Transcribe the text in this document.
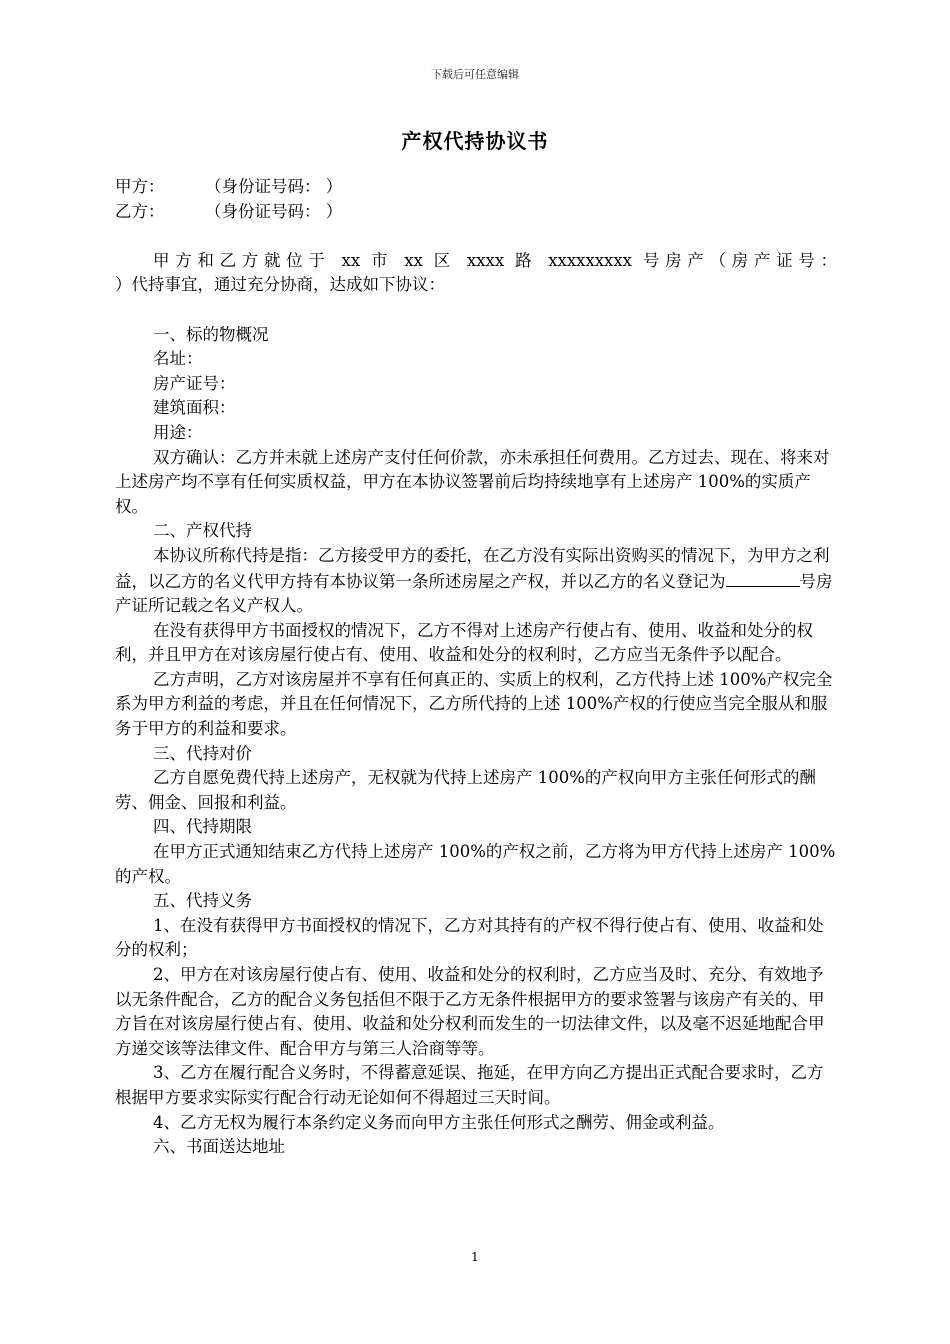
下载后可任意编辑
产权代持协议书
甲方：	（身份证号码： ）
乙方：	（身份证号码： ）

甲方和乙方就位于 xx 市 xx 区 xxxx 路 xxxxxxxxx 号房产（房产证号：

）代持事宜，通过充分协商，达成如下协议：

一、标的物概况

名址：

房产证号：

建筑面积：

用途：

双方确认：乙方并未就上述房产支付任何价款，亦未承担任何费用。乙方过去、现在、将来对上述房产均不享有任何实质权益，甲方在本协议签署前后均持续地享有上述房产 100%的实质产权。

二、产权代持

本协议所称代持是指：乙方接受甲方的委托，在乙方没有实际出资购买的情况下，为甲方之利益，以乙方的名义代甲方持有本协议第一条所述房屋之产权，并以乙方的名义登记为	号房产证所记载之名义产权人。

在没有获得甲方书面授权的情况下，乙方不得对上述房产行使占有、使用、收益和处分的权利，并且甲方在对该房屋行使占有、使用、收益和处分的权利时，乙方应当无条件予以配合。

乙方声明，乙方对该房屋并不享有任何真正的、实质上的权利，乙方代持上述 100%产权完全系为甲方利益的考虑，并且在任何情况下，乙方所代持的上述 100%产权的行使应当完全服从和服务于甲方的利益和要求。

三、代持对价

乙方自愿免费代持上述房产，无权就为代持上述房产 100%的产权向甲方主张任何形式的酬劳、佣金、回报和利益。

四、代持期限

在甲方正式通知结束乙方代持上述房产 100%的产权之前，乙方将为甲方代持上述房产 100%的产权。

五、代持义务

1、在没有获得甲方书面授权的情况下，乙方对其持有的产权不得行使占有、使用、收益和处分的权利；

2、甲方在对该房屋行使占有、使用、收益和处分的权利时，乙方应当及时、充分、有效地予以无条件配合，乙方的配合义务包括但不限于乙方无条件根据甲方的要求签署与该房产有关的、甲方旨在对该房屋行使占有、使用、收益和处分权利而发生的一切法律文件，以及毫不迟延地配合甲方递交该等法律文件、配合甲方与第三人洽商等等。

3、乙方在履行配合义务时，不得蓄意延误、拖延，在甲方向乙方提出正式配合要求时，乙方根据甲方要求实际实行配合行动无论如何不得超过三天时间。

4、乙方无权为履行本条约定义务而向甲方主张任何形式之酬劳、佣金或利益。

六、书面送达地址

1
